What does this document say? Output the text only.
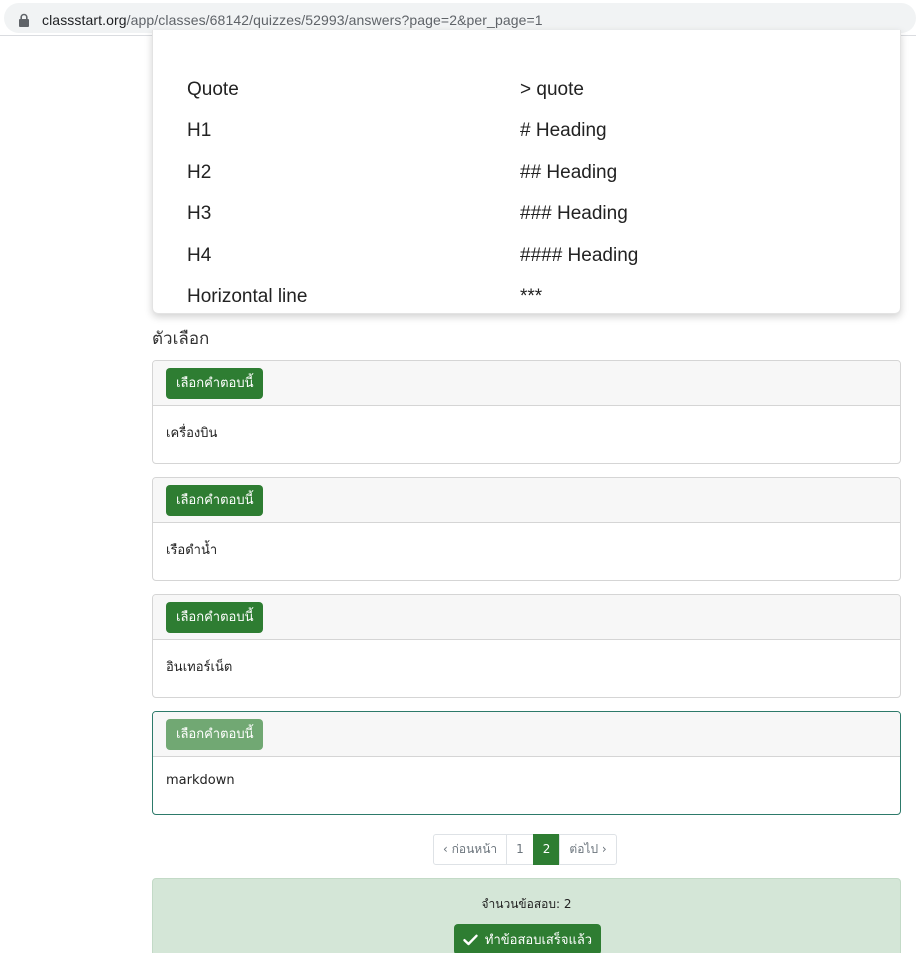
classstart.org/app/classes/68142/quizzes/52993/answers?page=2&per_page=1
Quote	> quote
H1	# Heading
H2	## Heading
H3	### Heading
H4	#### Heading
Horizontal line	***
ตัวเลือก
เลือกคำตอบนี้
เครื่องบิน
เลือกคำตอบนี้
เรือดำน้ำ
เลือกคำตอบนี้
อินเทอร์เน็ต
เลือกคำตอบนี้
markdown
‹ ก่อนหน้า	1	2	ต่อไป ›
จำนวนข้อสอบ: 2
ทำข้อสอบเสร็จแล้ว
